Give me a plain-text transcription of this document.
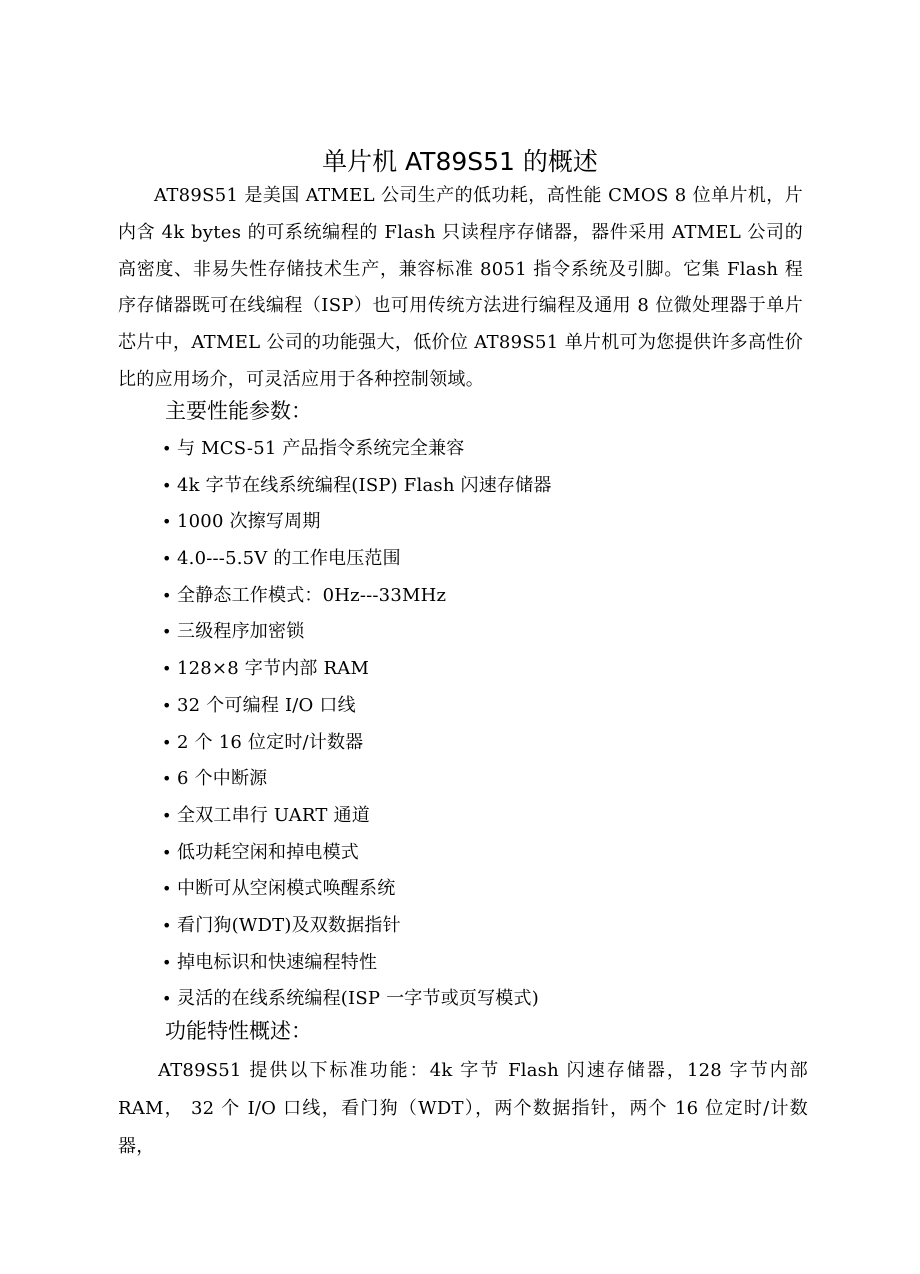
单片机 AT89S51 的概述

AT89S51 是美国 ATMEL 公司生产的低功耗，高性能 CMOS 8 位单片机，片内含 4k bytes 的可系统编程的 Flash 只读程序存储器，器件采用 ATMEL 公司的高密度、非易失性存储技术生产，兼容标准 8051 指令系统及引脚。它集 Flash 程序存储器既可在线编程（ISP）也可用传统方法进行编程及通用 8 位微处理器于单片芯片中，ATMEL 公司的功能强大，低价位 AT89S51 单片机可为您提供许多高性价比的应用场介，可灵活应用于各种控制领域。

主要性能参数：
• 与 MCS-51 产品指令系统完全兼容
• 4k 字节在线系统编程(ISP) Flash 闪速存储器
• 1000 次擦写周期
• 4.0---5.5V 的工作电压范围
• 全静态工作模式：0Hz---33MHz
• 三级程序加密锁
• 128×8 字节内部 RAM
• 32 个可编程 I/O 口线
• 2 个 16 位定时/计数器
• 6 个中断源
• 全双工串行 UART 通道
• 低功耗空闲和掉电模式
• 中断可从空闲模式唤醒系统
• 看门狗(WDT)及双数据指针
• 掉电标识和快速编程特性
• 灵活的在线系统编程(ISP 一字节或页写模式)
功能特性概述：

AT89S51 提供以下标准功能：4k 字节 Flash 闪速存储器，128 字节内部 RAM， 32 个 I/O 口线，看门狗（WDT），两个数据指针，两个 16 位定时/计数器，
